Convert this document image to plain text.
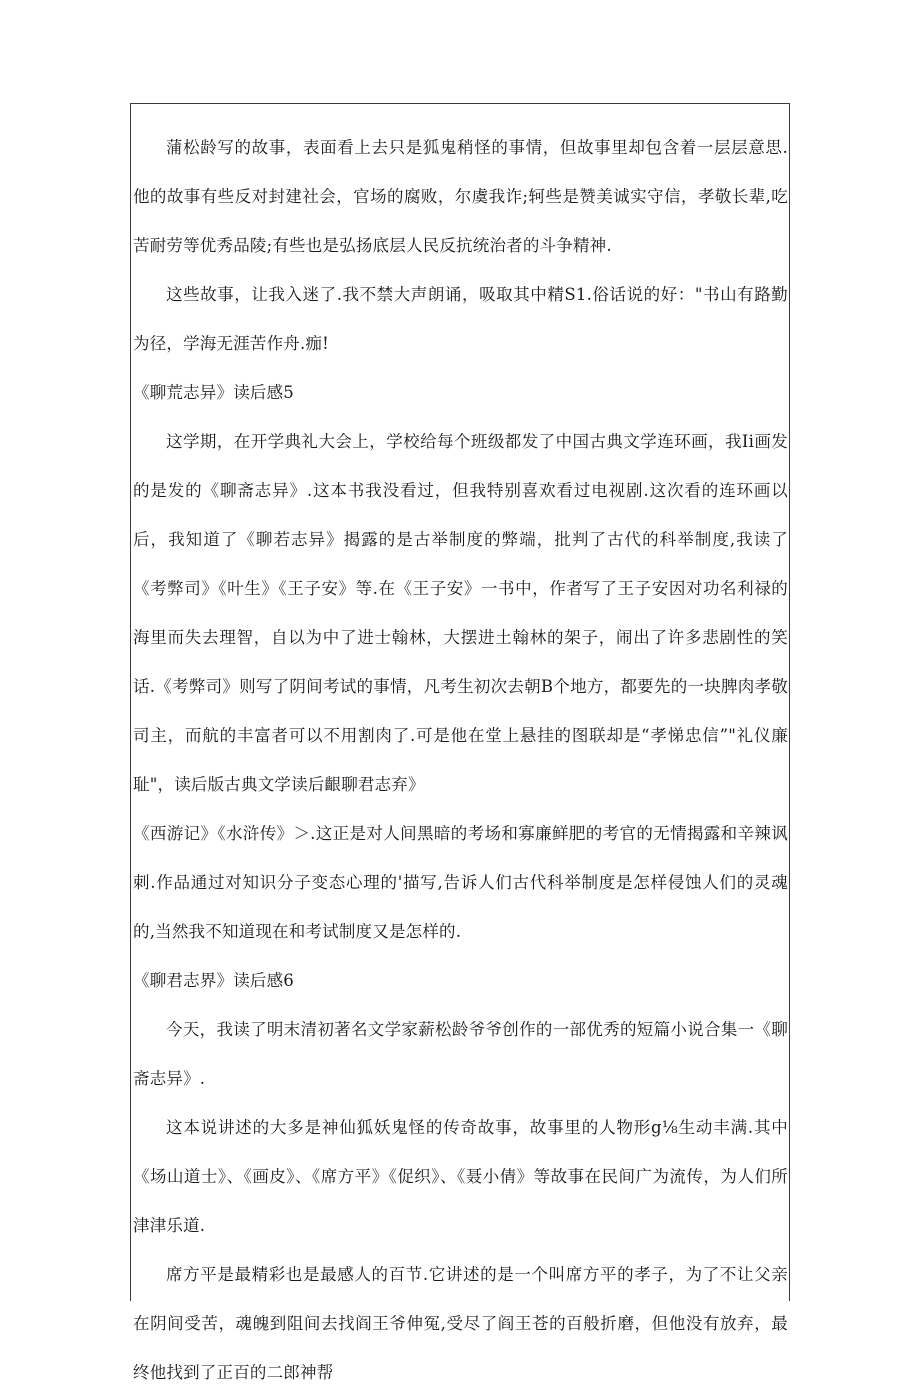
蒲松龄写的故事，表面看上去只是狐鬼稍怪的事情，但故事里却包含着一层层意思.他的故事有些反对封建社会，官场的腐败，尔虞我诈;轲些是赞美诚实守信，孝敬长辈,吃苦耐劳等优秀品陵;有些也是弘扬底层人民反抗统治者的斗争精神.

这些故事，让我入迷了.我不禁大声朗诵，吸取其中精S1.俗话说的好："书山有路勤为径，学海无涯苦作舟.痂!

《聊荒志异》读后感5

这学期，在开学典礼大会上，学校给每个班级都发了中国古典文学连环画，我Ii画发的是发的《聊斋志异》.这本书我没看过，但我特别喜欢看过电视剧.这次看的连环画以后，我知道了《聊若志异》揭露的是古举制度的弊端，批判了古代的科举制度,我读了《考弊司》《叶生》《王子安》等.在《王子安》一书中，作者写了王子安因对功名利禄的海里而失去理智，自以为中了进士翰林，大摆进土翰林的架子，闹出了许多悲剧性的笑话.《考弊司》则写了阴间考试的事情，凡考生初次去朝B个地方，都要先的一块脾肉孝敬司主，而航的丰富者可以不用割肉了.可是他在堂上悬挂的图联却是“孝悌忠信”"礼仪廉耻"，读后版古典文学读后齦聊君志弃》

《西游记》《水浒传》＞.这正是对人间黑暗的考场和寡廉鲜肥的考官的无情揭露和辛辣讽刺.作品通过对知识分子变态心理的'描写,告诉人们古代科举制度是怎样侵蚀人们的灵魂的,当然我不知道现在和考试制度又是怎样的.

《聊君志界》读后感6

今天，我读了明末清初著名文学家薪松龄爷爷创作的一部优秀的短篇小说合集一《聊斋志异》.

这本说讲述的大多是神仙狐妖鬼怪的传奇故事，故事里的人物形g⅛生动丰满.其中《场山道士》、《画皮》、《席方平》《促织》、《聂小倩》等故事在民间广为流传，为人们所津津乐道.

席方平是最精彩也是最感人的百节.它讲述的是一个叫席方平的孝子，为了不让父亲在阴间受苦，魂魄到阻间去找阎王爷伸冤,受尽了阎王苍的百般折磨，但他没有放弃，最终他找到了正百的二郎神帮
